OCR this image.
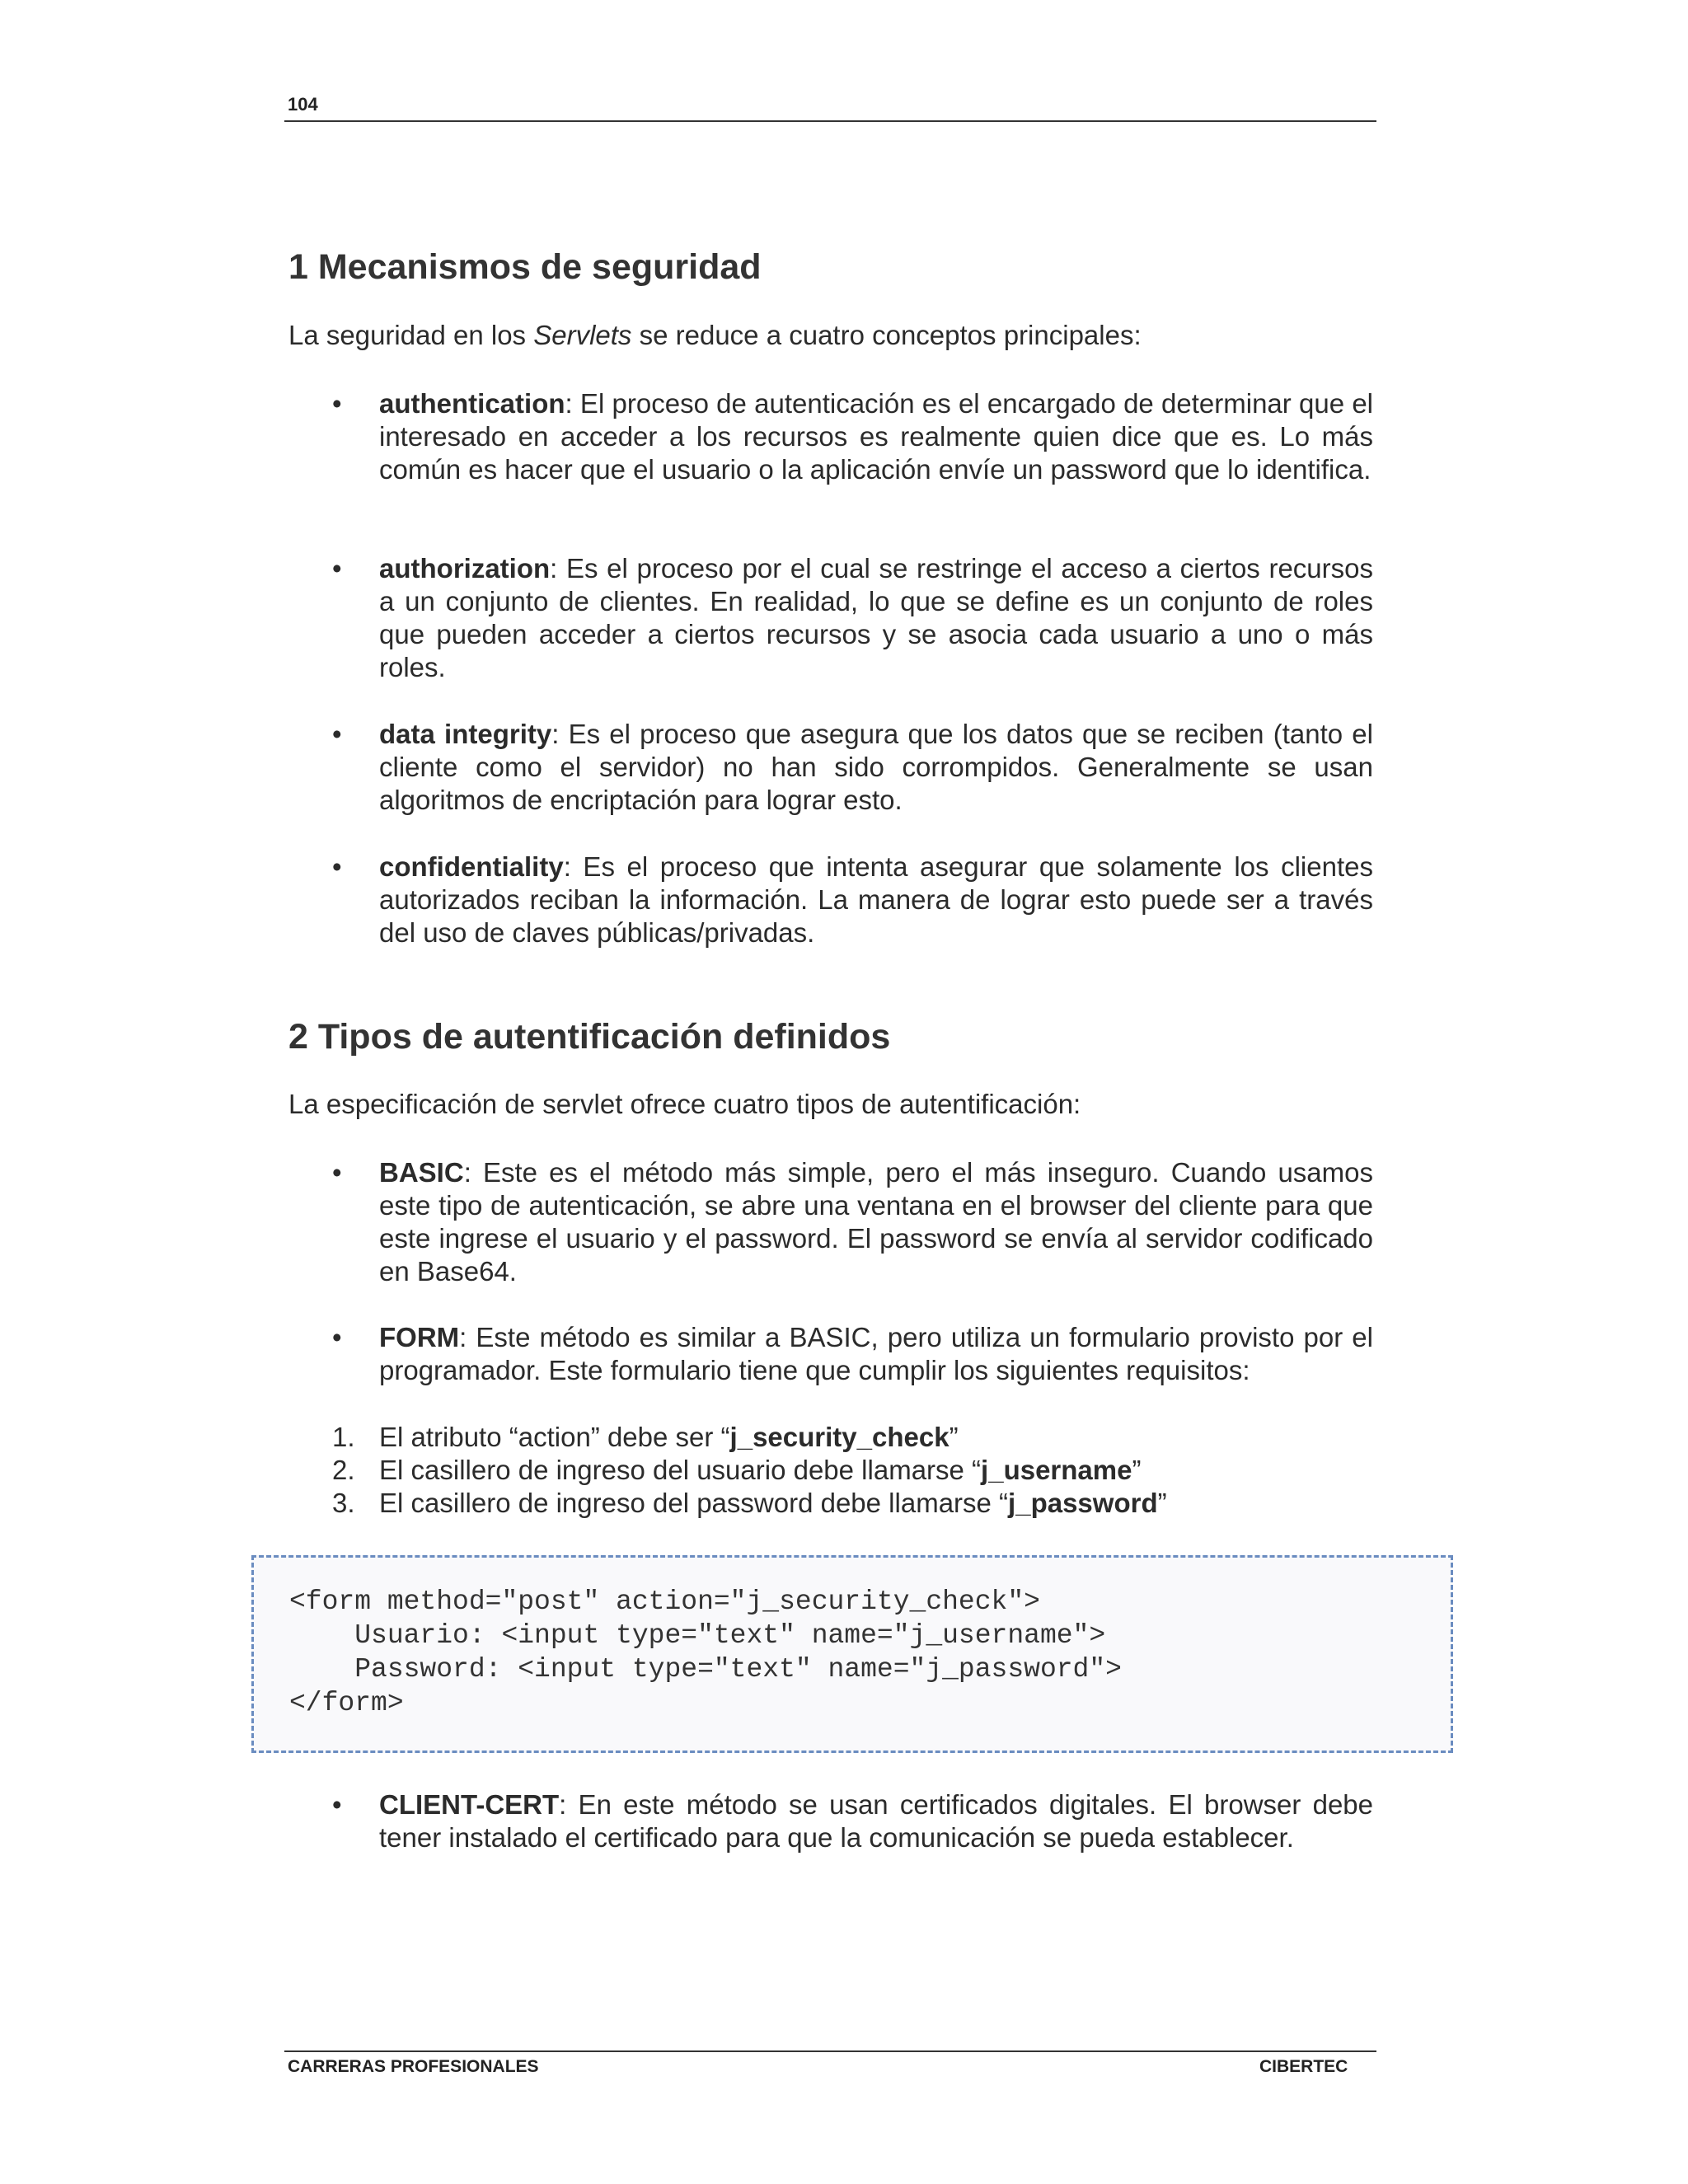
104
1 Mecanismos de seguridad

La seguridad en los Servlets se reduce a cuatro conceptos principales:

• authentication: El proceso de autenticación es el encargado de determinar que el interesado en acceder a los recursos es realmente quien dice que es. Lo más común es hacer que el usuario o la aplicación envíe un password que lo identifica.
• authorization: Es el proceso por el cual se restringe el acceso a ciertos recursos a un conjunto de clientes. En realidad, lo que se define es un conjunto de roles que pueden acceder a ciertos recursos y se asocia cada usuario a uno o más roles.
• data integrity: Es el proceso que asegura que los datos que se reciben (tanto el cliente como el servidor) no han sido corrompidos. Generalmente se usan algoritmos de encriptación para lograr esto.
• confidentiality: Es el proceso que intenta asegurar que solamente los clientes autorizados reciban la información. La manera de lograr esto puede ser a través del uso de claves públicas/privadas.
2 Tipos de autentificación definidos

La especificación de servlet ofrece cuatro tipos de autentificación:

• BASIC: Este es el método más simple, pero el más inseguro. Cuando usamos este tipo de autenticación, se abre una ventana en el browser del cliente para que este ingrese el usuario y el password. El password se envía al servidor codificado en Base64.
• FORM: Este método es similar a BASIC, pero utiliza un formulario provisto por el programador. Este formulario tiene que cumplir los siguientes requisitos:
1. El atributo “action” debe ser “j_security_check”
2. El casillero de ingreso del usuario debe llamarse “j_username”
3. El casillero de ingreso del password debe llamarse “j_password”
• CLIENT-CERT: En este método se usan certificados digitales. El browser debe tener instalado el certificado para que la comunicación se pueda establecer.
<form method="post" action="j_security_check">
Usuario: <input type="text" name="j_username">
Password: <input type="text" name="j_password">
</form>
CARRERAS PROFESIONALES	CIBERTEC
